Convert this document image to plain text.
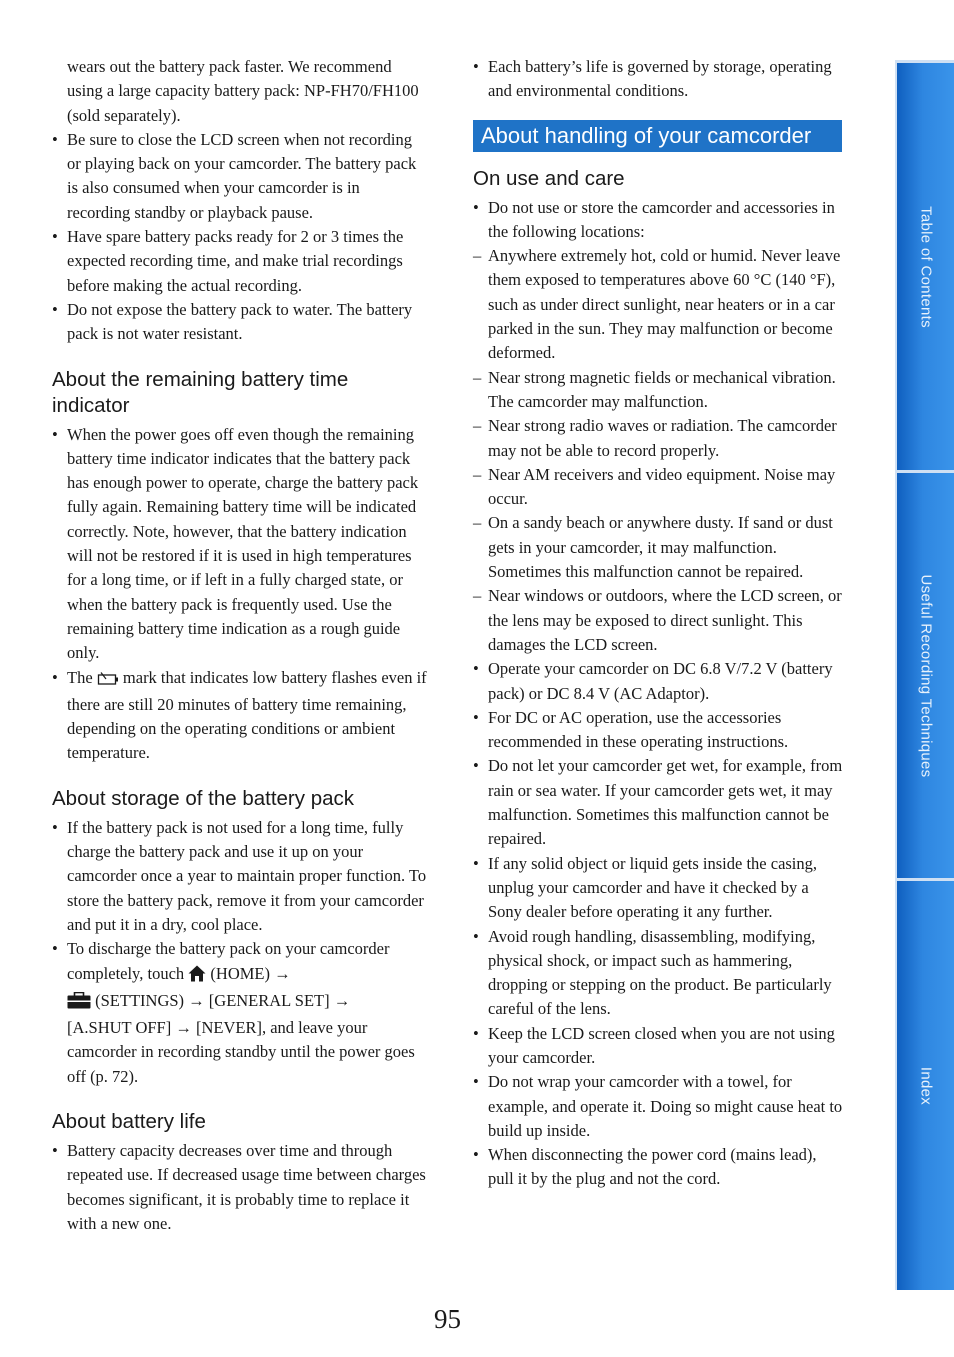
wears out the battery pack faster. We recommend using a large capacity battery pack: NP-FH70/FH100 (sold separately).
• Be sure to close the LCD screen when not recording or playing back on your camcorder. The battery pack is also consumed when your camcorder is in recording standby or playback pause.
• Have spare battery packs ready for 2 or 3 times the expected recording time, and make trial recordings before making the actual recording.
• Do not expose the battery pack to water. The battery pack is not water resistant.
About the remaining battery time indicator
• When the power goes off even though the remaining battery time indicator indicates that the battery pack has enough power to operate, charge the battery pack fully again. Remaining battery time will be indicated correctly. Note, however, that the battery indication will not be restored if it is used in high temperatures for a long time, or if left in a fully charged state, or when the battery pack is frequently used. Use the remaining battery time indication as a rough guide only.
• The mark that indicates low battery flashes even if there are still 20 minutes of battery time remaining, depending on the operating conditions or ambient temperature.
About storage of the battery pack
• If the battery pack is not used for a long time, fully charge the battery pack and use it up on your camcorder once a year to maintain proper function. To store the battery pack, remove it from your camcorder and put it in a dry, cool place.
• To discharge the battery pack on your camcorder completely, touch (HOME) →
(SETTINGS) → [GENERAL SET] →
[A.SHUT OFF] → [NEVER], and leave your camcorder in recording standby until the power goes off (p. 72).
About battery life
• Battery capacity decreases over time and through repeated use. If decreased usage time between charges becomes significant, it is probably time to replace it with a new one.
• Each battery’s life is governed by storage, operating and environmental conditions.
About handling of your camcorder
On use and care
• Do not use or store the camcorder and accessories in the following locations:
– Anywhere extremely hot, cold or humid. Never leave them exposed to temperatures above 60 °C (140 °F), such as under direct sunlight, near heaters or in a car parked in the sun. They may malfunction or become deformed.
– Near strong magnetic fields or mechanical vibration. The camcorder may malfunction.
– Near strong radio waves or radiation. The camcorder may not be able to record properly.
– Near AM receivers and video equipment. Noise may occur.
– On a sandy beach or anywhere dusty. If sand or dust gets in your camcorder, it may malfunction. Sometimes this malfunction cannot be repaired.
– Near windows or outdoors, where the LCD screen, or the lens may be exposed to direct sunlight. This damages the LCD screen.
• Operate your camcorder on DC 6.8 V/7.2 V (battery pack) or DC 8.4 V (AC Adaptor).
• For DC or AC operation, use the accessories recommended in these operating instructions.
• Do not let your camcorder get wet, for example, from rain or sea water. If your camcorder gets wet, it may malfunction. Sometimes this malfunction cannot be repaired.
• If any solid object or liquid gets inside the casing, unplug your camcorder and have it checked by a Sony dealer before operating it any further.
• Avoid rough handling, disassembling, modifying, physical shock, or impact such as hammering, dropping or stepping on the product. Be particularly careful of the lens.
• Keep the LCD screen closed when you are not using your camcorder.
• Do not wrap your camcorder with a towel, for example, and operate it. Doing so might cause heat to build up inside.
• When disconnecting the power cord (mains lead), pull it by the plug and not the cord.
95
Table of Contents
Useful Recording Techniques
Index
